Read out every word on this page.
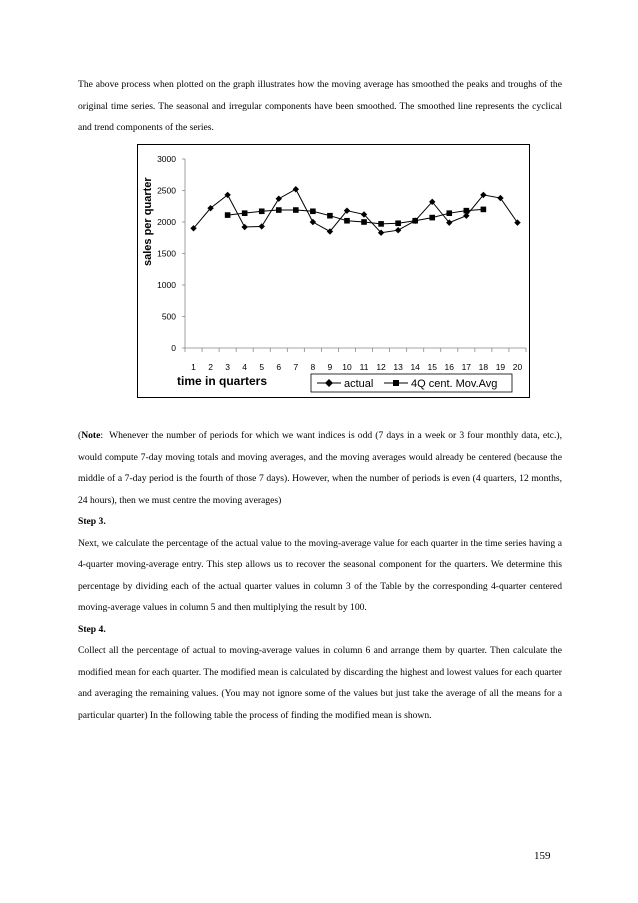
The above process when plotted on the graph illustrates how the moving average has smoothed the peaks and troughs of the original time series. The seasonal and irregular components have been smoothed. The smoothed line represents the cyclical and trend components of the series.

0
500
1000
1500
2000
2500
3000
1 2 3 4 5 6 7 8 9 10 11 12 13 14 15 16 17 18 19 20
sales per quarter
time in quarters	actual	4Q cent. Mov.Avg

(Note:  Whenever the number of periods for which we want indices is odd (7 days in a week or 3 four monthly data, etc.), would compute 7-day moving totals and moving averages, and the moving averages would already be centered (because the middle of a 7-day period is the fourth of those 7 days). However, when the number of periods is even (4 quarters, 12 months, 24 hours), then we must centre the moving averages)

Step 3.

Next, we calculate the percentage of the actual value to the moving-average value for each quarter in the time series having a 4-quarter moving-average entry. This step allows us to recover the seasonal component for the quarters. We determine this percentage by dividing each of the actual quarter values in column 3 of the Table by the corresponding 4-quarter centered moving-average values in column 5 and then multiplying the result by 100.

Step 4.

Collect all the percentage of actual to moving-average values in column 6 and arrange them by quarter. Then calculate the modified mean for each quarter. The modified mean is calculated by discarding the highest and lowest values for each quarter and averaging the remaining values. (You may not ignore some of the values but just take the average of all the means for a particular quarter) In the following table the process of finding the modified mean is shown.

159
